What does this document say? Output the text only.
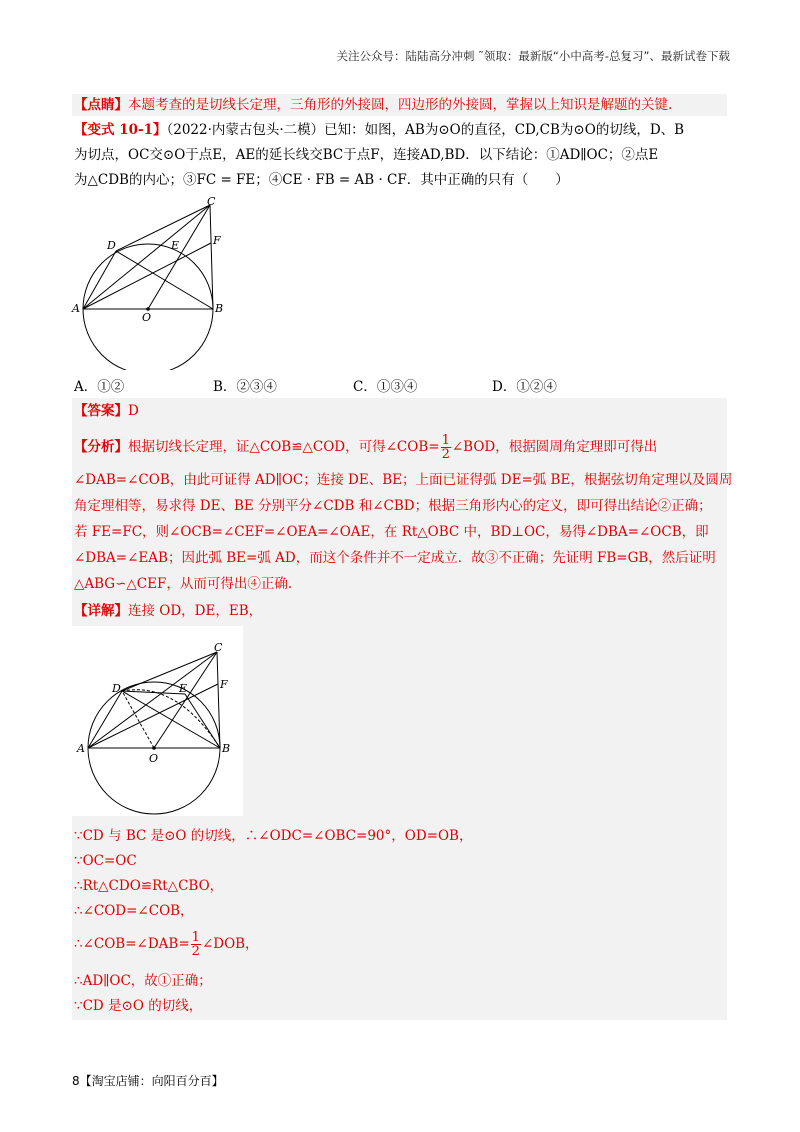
关注公众号：陆陆高分冲刺 ˜领取：最新版“小中高考-总复习”、最新试卷下载
【点睛】本题考查的是切线长定理，三角形的外接圆，四边形的外接圆，掌握以上知识是解题的关键.
【变式 10-1】（2022·内蒙古包头·二模）已知：如图，AB为⊙O的直径，CD,CB为⊙O的切线，D、B
为切点，OC交⊙O于点E，AE的延长线交BC于点F，连接AD,BD．以下结论：①AD∥OC；②点E
为△CDB的内心；③FC = FE；④CE · FB = AB · CF．其中正确的只有（　　）
C
D	E	F
A
O
B
A．①②	B．②③④	C．①③④	D．①②④
【答案】D
【分析】根据切线长定理，证△COB≌△COD，可得∠COB= $\frac{1}{2}$ ∠BOD，根据圆周角定理即可得出
∠DAB=∠COB，由此可证得 AD∥OC；连接 DE、BE；上面已证得弧 DE=弧 BE，根据弦切角定理以及圆周
角定理相等，易求得 DE、BE 分别平分∠CDB 和∠CBD；根据三角形内心的定义，即可得出结论②正确；
若 FE=FC，则∠OCB=∠CEF=∠OEA=∠OAE，在 Rt△OBC 中，BD⊥OC，易得∠DBA=∠OCB，即
∠DBA=∠EAB；因此弧 BE=弧 AD，而这个条件并不一定成立．故③不正确；先证明 FB=GB，然后证明
△ABG∽△CEF，从而可得出④正确.
【详解】连接 OD，DE，EB，
C
D	E	F
A
O
B
∵CD 与 BC 是⊙O 的切线，∴∠ODC=∠OBC=90°，OD=OB，
∵OC=OC
∴Rt△CDO≌Rt△CBO，
∴∠COD=∠COB，
∴∠COB=∠DAB= $\frac{1}{2}$ ∠DOB，
∴AD∥OC，故①正确；
∵CD 是⊙O 的切线，
8【淘宝店铺：向阳百分百】
